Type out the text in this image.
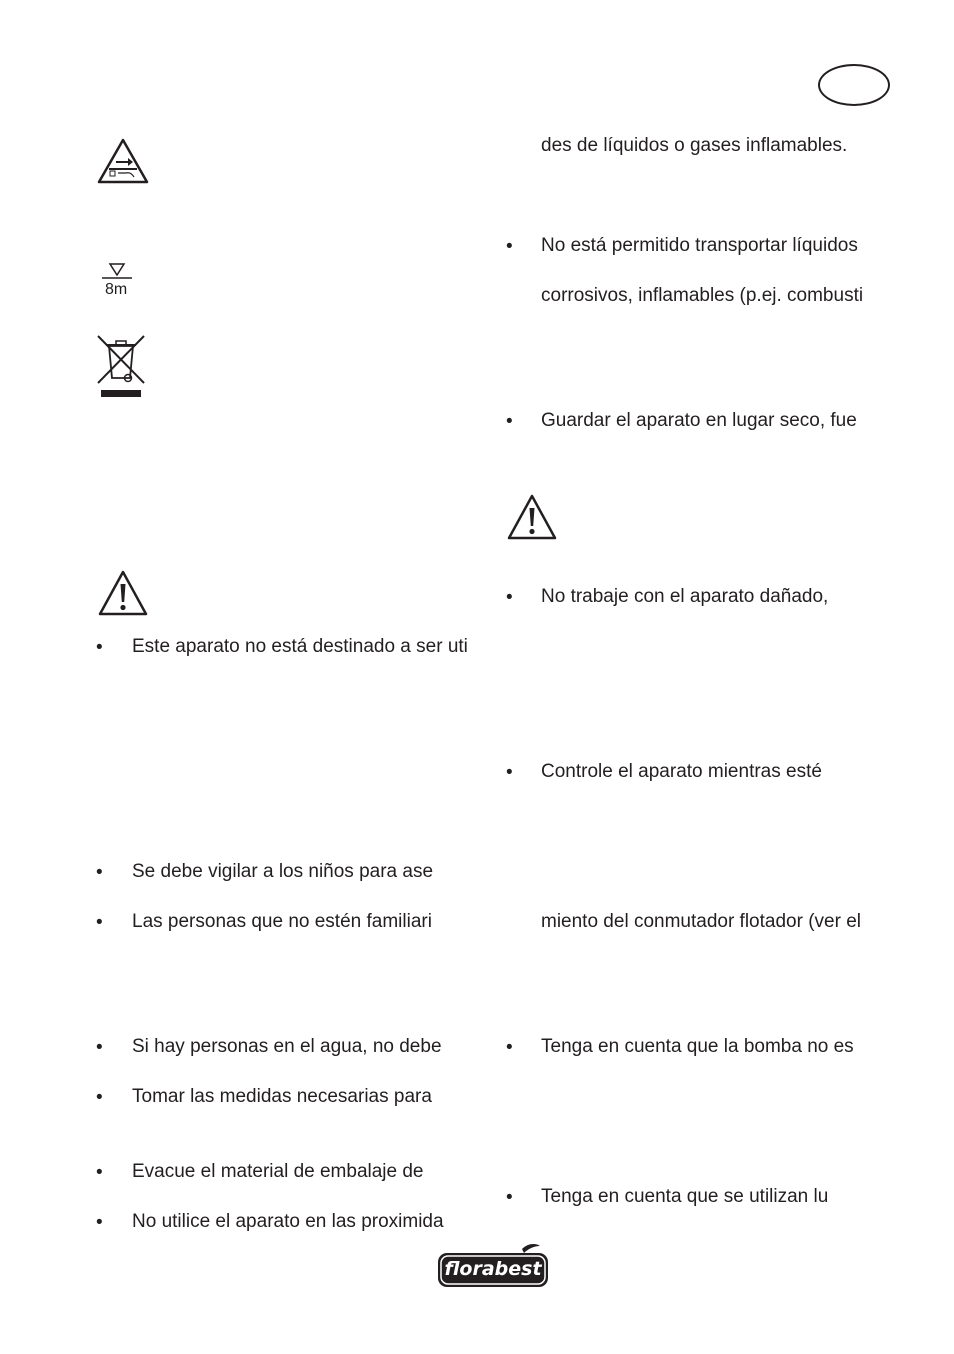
8m
• Este aparato no está destinado a ser uti
• Se debe vigilar a los niños para ase
• Las personas que no estén familiari
• Si hay personas en el agua, no debe
• Tomar las medidas necesarias para
• Evacue el material de embalaje de
• No utilice el aparato en las proximida
des de líquidos o gases inflamables.
• No está permitido transportar líquidos
corrosivos, inflamables (p.ej. combusti
• Guardar el aparato en lugar seco, fue
• No trabaje con el aparato dañado,
• Controle el aparato mientras esté
miento del conmutador flotador (ver el
• Tenga en cuenta que la bomba no es
• Tenga en cuenta que se utilizan lu
florabest
